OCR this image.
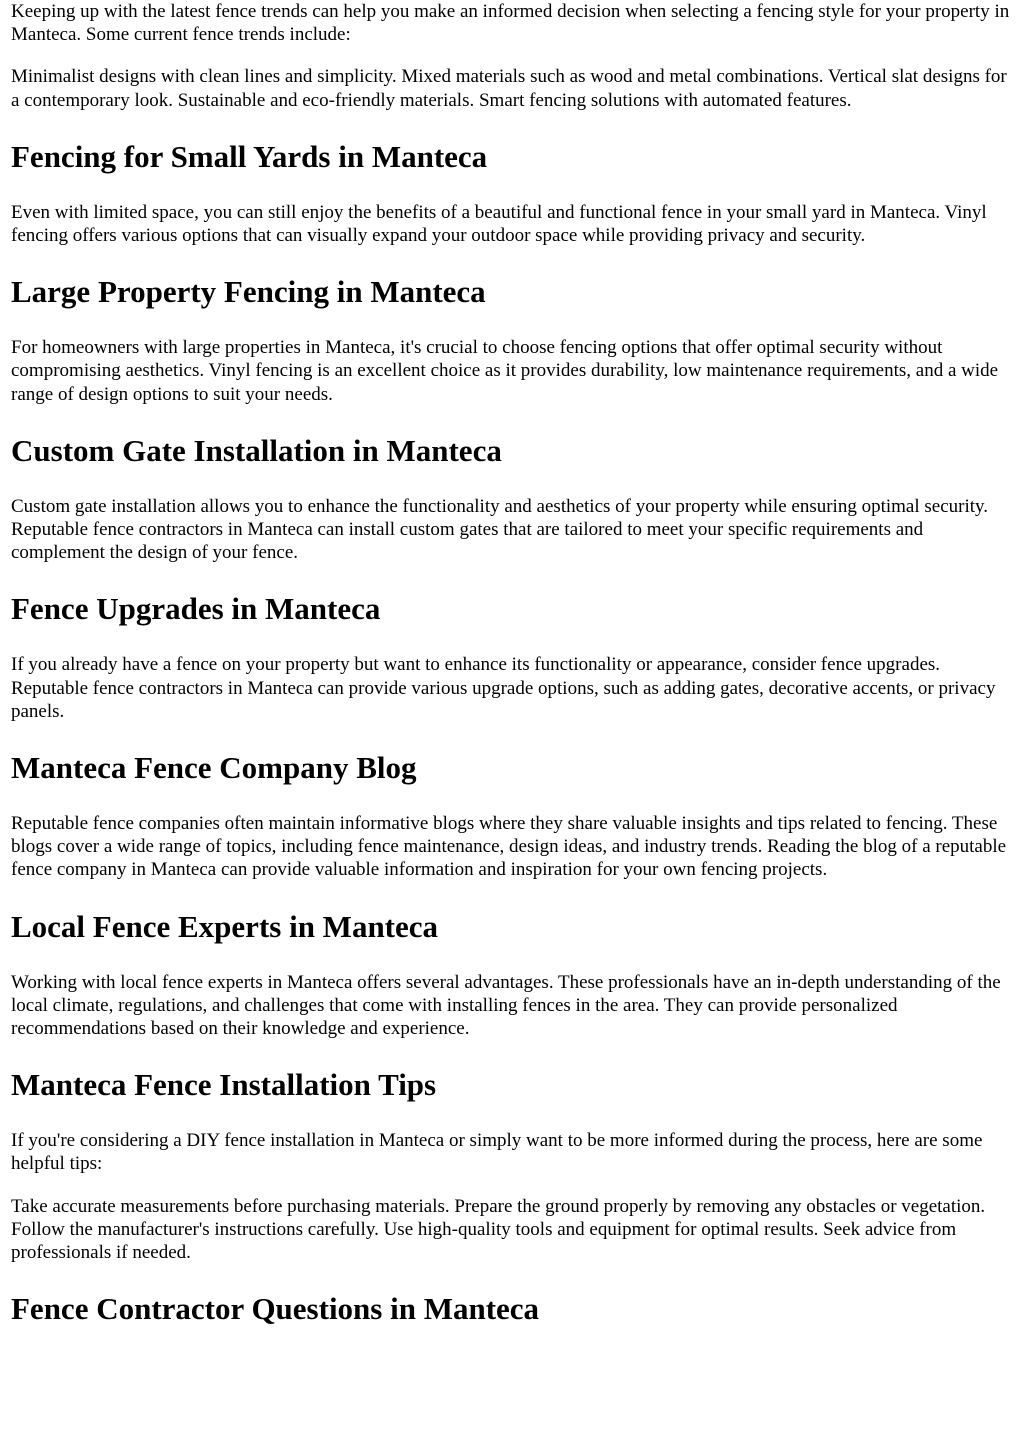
Keeping up with the latest fence trends can help you make an informed decision when selecting a fencing style for your property in Manteca. Some current fence trends include:

Minimalist designs with clean lines and simplicity. Mixed materials such as wood and metal combinations. Vertical slat designs for a contemporary look. Sustainable and eco-friendly materials. Smart fencing solutions with automated features.

Fencing for Small Yards in Manteca

Even with limited space, you can still enjoy the benefits of a beautiful and functional fence in your small yard in Manteca. Vinyl fencing offers various options that can visually expand your outdoor space while providing privacy and security.

Large Property Fencing in Manteca

For homeowners with large properties in Manteca, it's crucial to choose fencing options that offer optimal security without compromising aesthetics. Vinyl fencing is an excellent choice as it provides durability, low maintenance requirements, and a wide range of design options to suit your needs.

Custom Gate Installation in Manteca

Custom gate installation allows you to enhance the functionality and aesthetics of your property while ensuring optimal security. Reputable fence contractors in Manteca can install custom gates that are tailored to meet your specific requirements and complement the design of your fence.

Fence Upgrades in Manteca

If you already have a fence on your property but want to enhance its functionality or appearance, consider fence upgrades. Reputable fence contractors in Manteca can provide various upgrade options, such as adding gates, decorative accents, or privacy panels.

Manteca Fence Company Blog

Reputable fence companies often maintain informative blogs where they share valuable insights and tips related to fencing. These blogs cover a wide range of topics, including fence maintenance, design ideas, and industry trends. Reading the blog of a reputable fence company in Manteca can provide valuable information and inspiration for your own fencing projects.

Local Fence Experts in Manteca

Working with local fence experts in Manteca offers several advantages. These professionals have an in-depth understanding of the local climate, regulations, and challenges that come with installing fences in the area. They can provide personalized recommendations based on their knowledge and experience.

Manteca Fence Installation Tips

If you're considering a DIY fence installation in Manteca or simply want to be more informed during the process, here are some helpful tips:

Take accurate measurements before purchasing materials. Prepare the ground properly by removing any obstacles or vegetation. Follow the manufacturer's instructions carefully. Use high-quality tools and equipment for optimal results. Seek advice from professionals if needed.

Fence Contractor Questions in Manteca
